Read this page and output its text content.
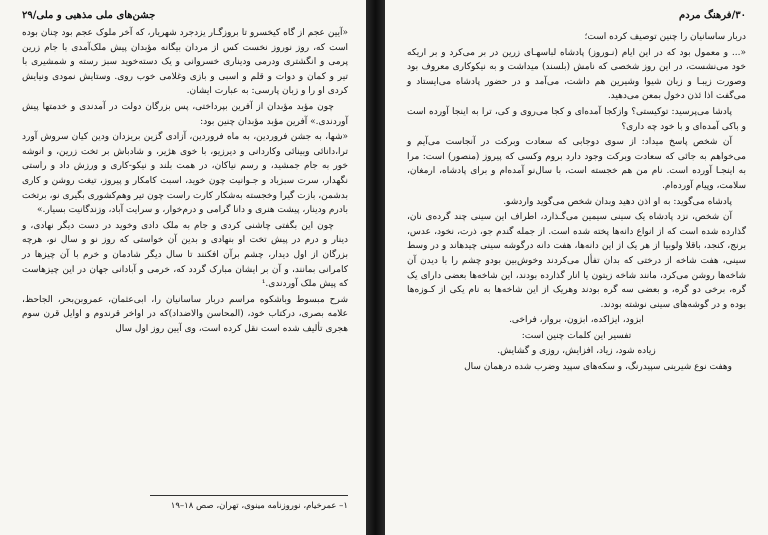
جشن‌های ملی‌ ‌مذهبی و ‌ملی/۲۹

«آیین عجم از گاه کیخسرو تا بروزگـار یزدجرد شهریار، که آخر ملوک عجم بود چنان بوده است که، روز نوروز نخست کس از مردان بیگانه مؤبدان پیش ملک‌آمدی با جام زرین پرمی و انگشتری ودرمی ودیناری خسروانی و یک دسته‌خوید سبز رسته و شمشیری با تیر و کمان و دوات و قلم و اسبی و بازی وغلامی خوب روی. وستایش نمودی ونیایش کردی او را و زبان پارسی: به عبارت ایشان.

چون مؤبد مؤبدان از آفرین بپرداختی، پس بزرگان دولت در آمدندی و خدمتها پیش آوردندی.» آفرین مؤبد مؤبدان چنین بود:

«شها، به جشن فروردین، به ماه فروردین، آزادی گزین بریزدان ودین کیان سروش آورد ترا،دانائی وبینائی وکاردانی و دیرزیو، با خوی هژیر، و شادباش بر تخت زرین، و انوشه خور به جام جمشید، و رسم نیاکان، در همت بلند و نیکو-کاری و ورزش داد و راستی نگهدار، سرت سبزباد و جـوانیت چون خوید، اسبت کامکار و پیروز، تیغت روشن و کاری بدشمن، بازت گیرا وخجسته به‌شکار کارت راست چون تیر وهم‌کشوری بگیری نو، برتخت بادرم ودینار، پیشت هنری و دانا گرامی و درم‌خوار، و سرایت آباد، وزندگانیت بسیار.»

چون این بگفتی چاشنی کردی و جام به ملک دادی وخوید در دست دیگر نهادی، و دینار و درم در پیش تخت او بنهادی و بدین آن خواستی که روز نو و سال نو، هرچه بزرگان از اول دیدار، چشم برآن افکنند تا سال دیگر شادمان و خرم با آن چیزها در کامرانی بمانند، و آن بر ایشان مبارک گردد که، خرمی و آبادانی جهان در این چیزهاست که پیش ملک آوردندی.¹

شرح مبسوط وباشکوه مراسم دربار ساسانیان را، ابی‌عثمان، عمروبن‌بحر، الجاحظ، علامه بصری، درکتاب خود، (المحاسن والاضداد)که در اواخر قرندوم و اوایل قرن سوم هجری تألیف شده است نقل کرده است، وی آیین روز اول سال

۱– عمرخیام، نوروزنامه مینوی، تهران، صص ۱۸–۱۹
۳۰/فرهنگ مردم

دربار ساسانیان را چنین توصیف کرده است؛

«... و معمول بود که در این ایام (نـوروز) پادشاه لباسهـای زرین در بر می‌کرد و بر اریکه خود می‌نشست، در این روز شخصی که نامش (بلسند) میداشت و به نیکوکاری معروف بود وصورت زیبـا و زبان شیوا وشیرین هم داشت، می‌آمد و در حضور پادشاه می‌ایستاد و می‌گفت اذا ئذن دخول بمعن می‌دهید.

پادشا می‌پرسید: توکیستی؟ وازکجا آمده‌ای و کجا می‌روی و کی، ترا به اینجا آورده است و باکی آمده‌ای و با خود چه داری؟

آن شخص پاسخ میداد: از سوی دوجابی که سعادت وبرکت در آنجاست می‌آیم و می‌خواهم به جائی که سعادت وبرکت وجود دارد بروم وکسی که پیروز (منصور) است: مرا به اینجـا آورده است. نام من هم خجسته است، با سال‌نو آمده‌ام و برای پادشاه، ارمغان، سلامت، وپیام آورده‌ام.

پادشاه می‌گوید: به او اذن دهید وبدان شخص می‌گوید واردشو.

آن شخص، نزد پادشاه یک سینی سیمین می‌گـذارد، اطراف این سینی چند گرده‌ی نان، گذارده شده است که از انواع دانه‌ها پخته شده است. از جمله گندم جو، ذرت، نخود، عدس، برنج، کنجد، باقلا ولوبیا از هر یک از این دانه‌ها، هفت دانه درگوشه سینی چیدهاند و در وسط سینی، هفت شاخه از درختی که بدان تفأل می‌کردند وخوش‌بین بودو چشم را با دیدن آن شاخه‌ها روشن می‌کرد، مانند شاخه زیتون یا انار گذارده بودند، این شاخه‌ها بعضی دارای یک گره، برخی دو گره، و بعضی سه گره بودند وهریک از این شاخه‌ها به نام یکی از کـوزه‌ها بوده و در گوشه‌های سینی نوشته بودند.

ابزود، ایزاکده، ابزون، بروار، فراخی.

تفسیر این کلمات چنین است:

زیاده شود، زیاد، افزایش، روزی و گشایش.

وهفت نوع شیرینی سپیدرنگ، و سکه‌های سپید وضرب شده درهمان سال
